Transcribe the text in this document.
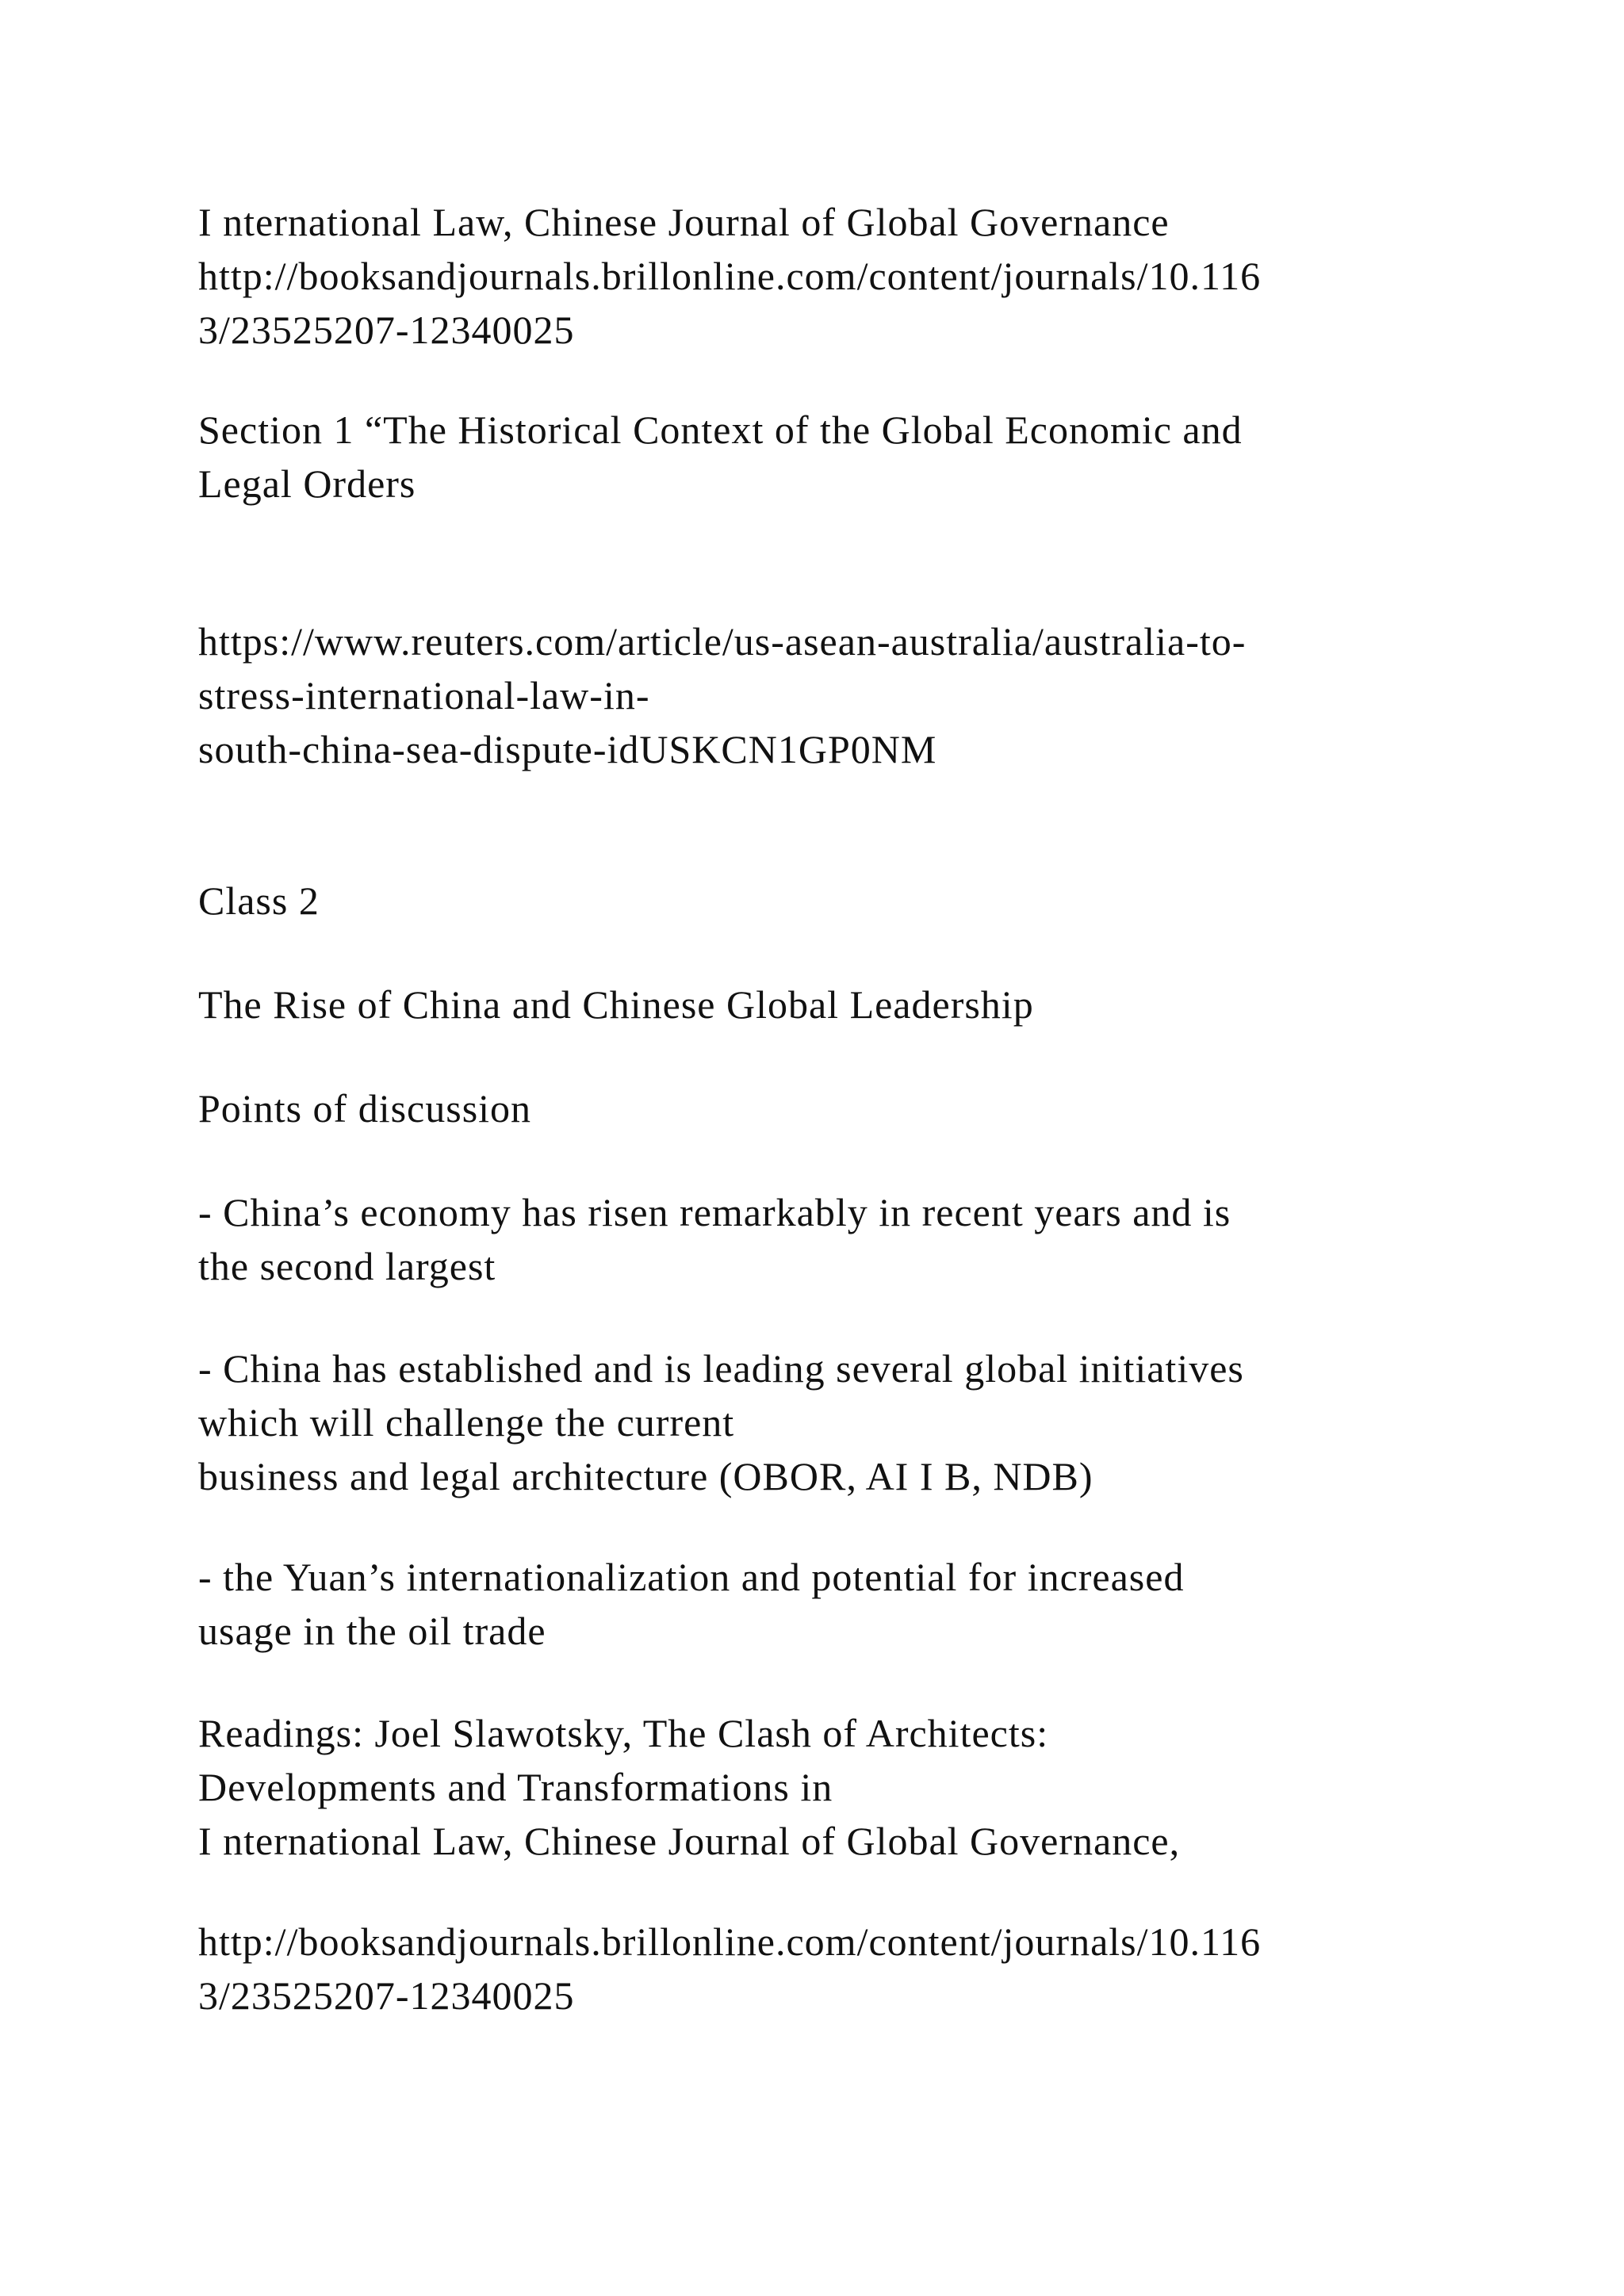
I nternational Law, Chinese Journal of Global Governance
http://booksandjournals.brillonline.com/content/journals/10.116
3/23525207-12340025
Section 1 “The Historical Context of the Global Economic and
Legal Orders
https://www.reuters.com/article/us-asean-australia/australia-to-
stress-international-law-in-
south-china-sea-dispute-idUSKCN1GP0NM
Class 2
The Rise of China and Chinese Global Leadership
Points of discussion
- China’s economy has risen remarkably in recent years and is
the second largest
- China has established and is leading several global initiatives
which will challenge the current
business and legal architecture (OBOR, AI I B, NDB)
- the Yuan’s internationalization and potential for increased
usage in the oil trade
Readings: Joel Slawotsky, The Clash of Architects:
Developments and Transformations in
I nternational Law, Chinese Journal of Global Governance,
http://booksandjournals.brillonline.com/content/journals/10.116
3/23525207-12340025
